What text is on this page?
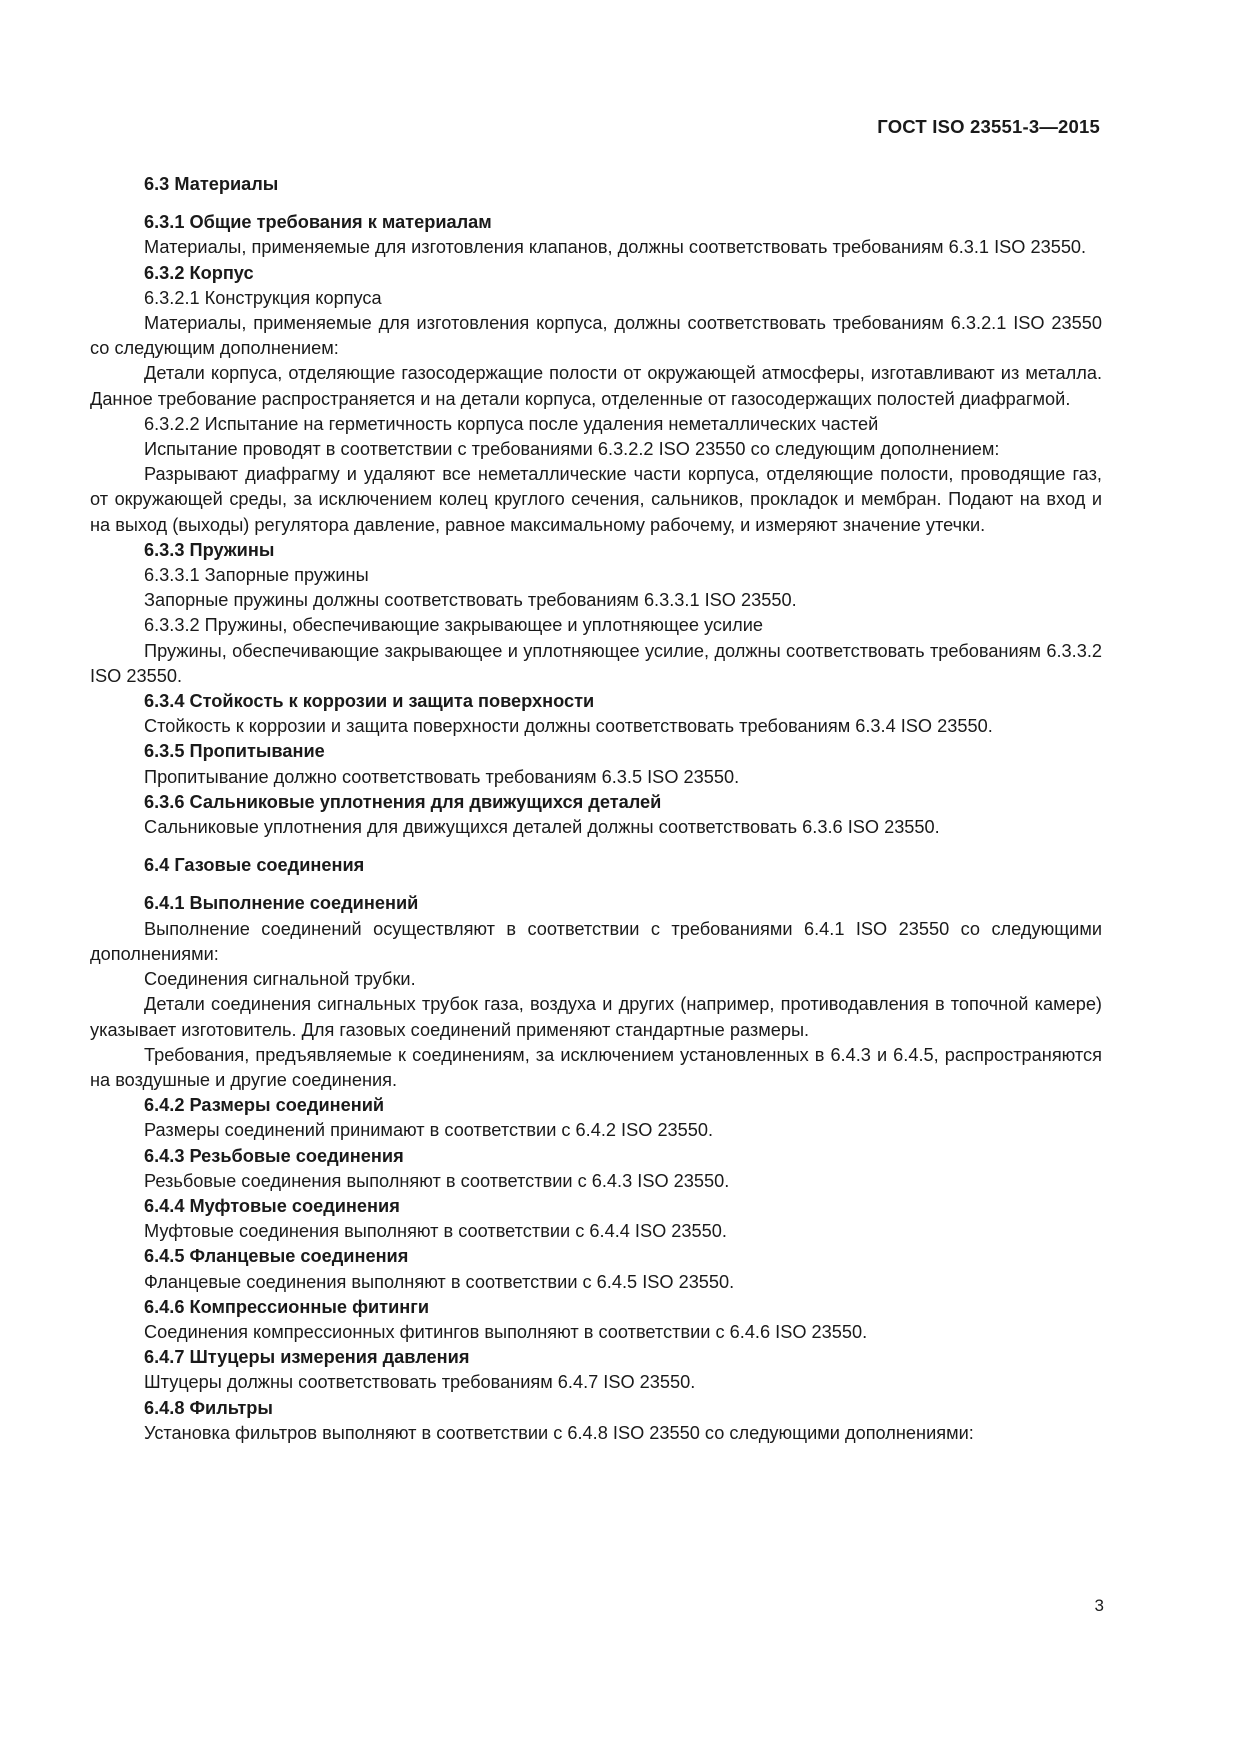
ГОСТ ISO 23551-3—2015

6.3 Материалы

6.3.1 Общие требования к материалам

Материалы, применяемые для изготовления клапанов, должны соответствовать требованиям 6.3.1 ISO 23550.

6.3.2 Корпус

6.3.2.1 Конструкция корпуса

Материалы, применяемые для изготовления корпуса, должны соответствовать требованиям 6.3.2.1 ISO 23550 со следующим дополнением:

Детали корпуса, отделяющие газосодержащие полости от окружающей атмосферы, изготавливают из металла. Данное требование распространяется и на детали корпуса, отделенные от газосодержащих полостей диафрагмой.

6.3.2.2 Испытание на герметичность корпуса после удаления неметаллических частей

Испытание проводят в соответствии с требованиями 6.3.2.2 ISO 23550 со следующим дополнением:

Разрывают диафрагму и удаляют все неметаллические части корпуса, отделяющие полости, проводящие газ, от окружающей среды, за исключением колец круглого сечения, сальников, прокладок и мембран. Подают на вход и на выход (выходы) регулятора давление, равное максимальному рабочему, и измеряют значение утечки.

6.3.3 Пружины

6.3.3.1 Запорные пружины

Запорные пружины должны соответствовать требованиям 6.3.3.1 ISO 23550.

6.3.3.2 Пружины, обеспечивающие закрывающее и уплотняющее усилие

Пружины, обеспечивающие закрывающее и уплотняющее усилие, должны соответствовать требованиям 6.3.3.2 ISO 23550.

6.3.4 Стойкость к коррозии и защита поверхности

Стойкость к коррозии и защита поверхности должны соответствовать требованиям 6.3.4 ISO 23550.

6.3.5 Пропитывание

Пропитывание должно соответствовать требованиям 6.3.5 ISO 23550.

6.3.6 Сальниковые уплотнения для движущихся деталей

Сальниковые уплотнения для движущихся деталей должны соответствовать 6.3.6 ISO 23550.

6.4 Газовые соединения

6.4.1 Выполнение соединений

Выполнение соединений осуществляют в соответствии с требованиями 6.4.1 ISO 23550 со следующими дополнениями:

Соединения сигнальной трубки.

Детали соединения сигнальных трубок газа, воздуха и других (например, противодавления в топочной камере) указывает изготовитель. Для газовых соединений применяют стандартные размеры.

Требования, предъявляемые к соединениям, за исключением установленных в 6.4.3 и 6.4.5, распространяются на воздушные и другие соединения.

6.4.2 Размеры соединений

Размеры соединений принимают в соответствии с 6.4.2 ISO 23550.

6.4.3 Резьбовые соединения

Резьбовые соединения выполняют в соответствии с 6.4.3 ISO 23550.

6.4.4 Муфтовые соединения

Муфтовые соединения выполняют в соответствии с 6.4.4 ISO 23550.

6.4.5 Фланцевые соединения

Фланцевые соединения выполняют в соответствии с 6.4.5 ISO 23550.

6.4.6 Компрессионные фитинги

Соединения компрессионных фитингов выполняют в соответствии с 6.4.6 ISO 23550.

6.4.7 Штуцеры измерения давления

Штуцеры должны соответствовать требованиям 6.4.7 ISO 23550.

6.4.8 Фильтры

Установка фильтров выполняют в соответствии с 6.4.8 ISO 23550 со следующими дополнениями:

3
